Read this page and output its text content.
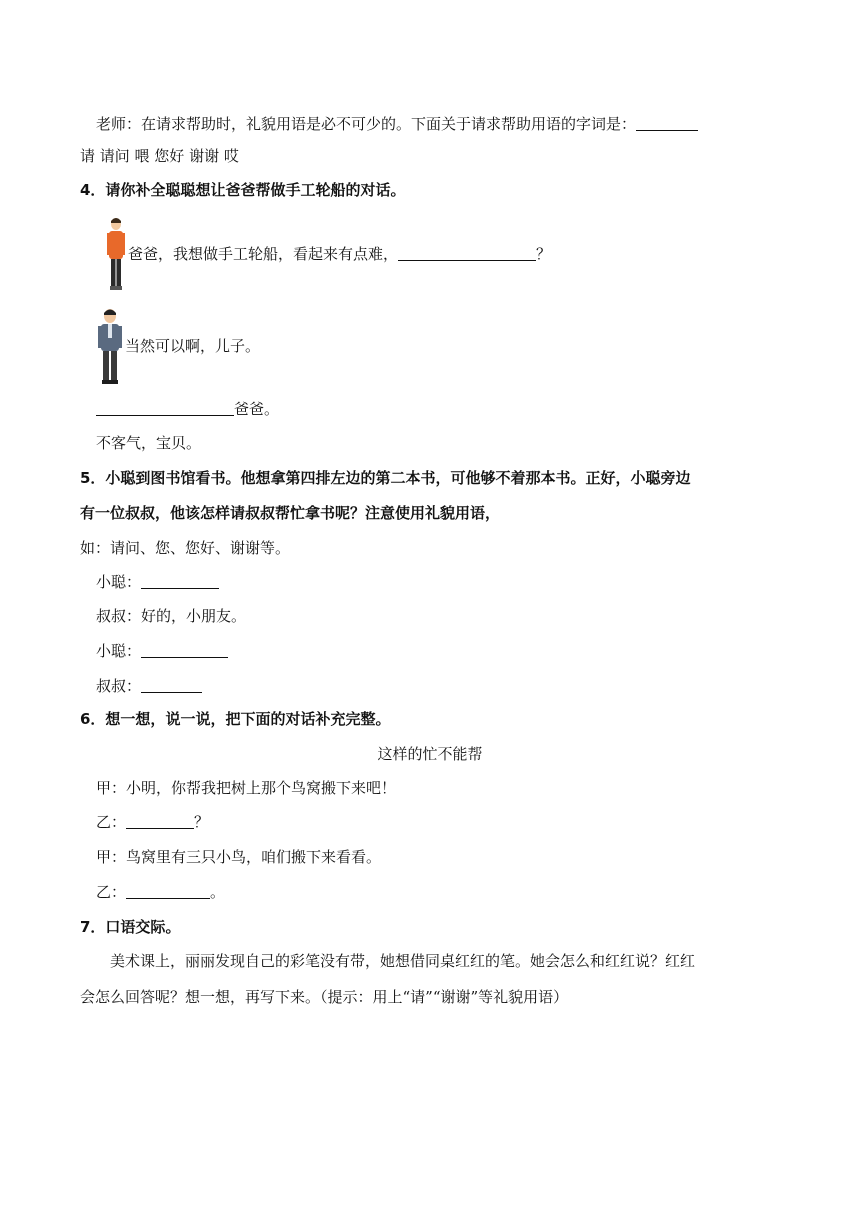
老师：在请求帮助时，礼貌用语是必不可少的。下面关于请求帮助用语的字词是：
请 请问 喂 您好 谢谢 哎
4．请你补全聪聪想让爸爸帮做手工轮船的对话。
爸爸，我想做手工轮船，看起来有点难，	？
当然可以啊，儿子。
爸爸。
不客气，宝贝。
5．小聪到图书馆看书。他想拿第四排左边的第二本书，可他够不着那本书。正好，小聪旁边
有一位叔叔，他该怎样请叔叔帮忙拿书呢？注意使用礼貌用语，
如：请问、您、您好、谢谢等。
小聪：
叔叔：好的，小朋友。
小聪：
叔叔：
6．想一想，说一说，把下面的对话补充完整。
这样的忙不能帮
甲：小明，你帮我把树上那个鸟窝搬下来吧！
乙：	？
甲：鸟窝里有三只小鸟，咱们搬下来看看。
乙：	。
7．口语交际。
美术课上，丽丽发现自己的彩笔没有带，她想借同桌红红的笔。她会怎么和红红说？红红
会怎么回答呢？想一想，再写下来。（提示：用上“请”“谢谢”等礼貌用语）
